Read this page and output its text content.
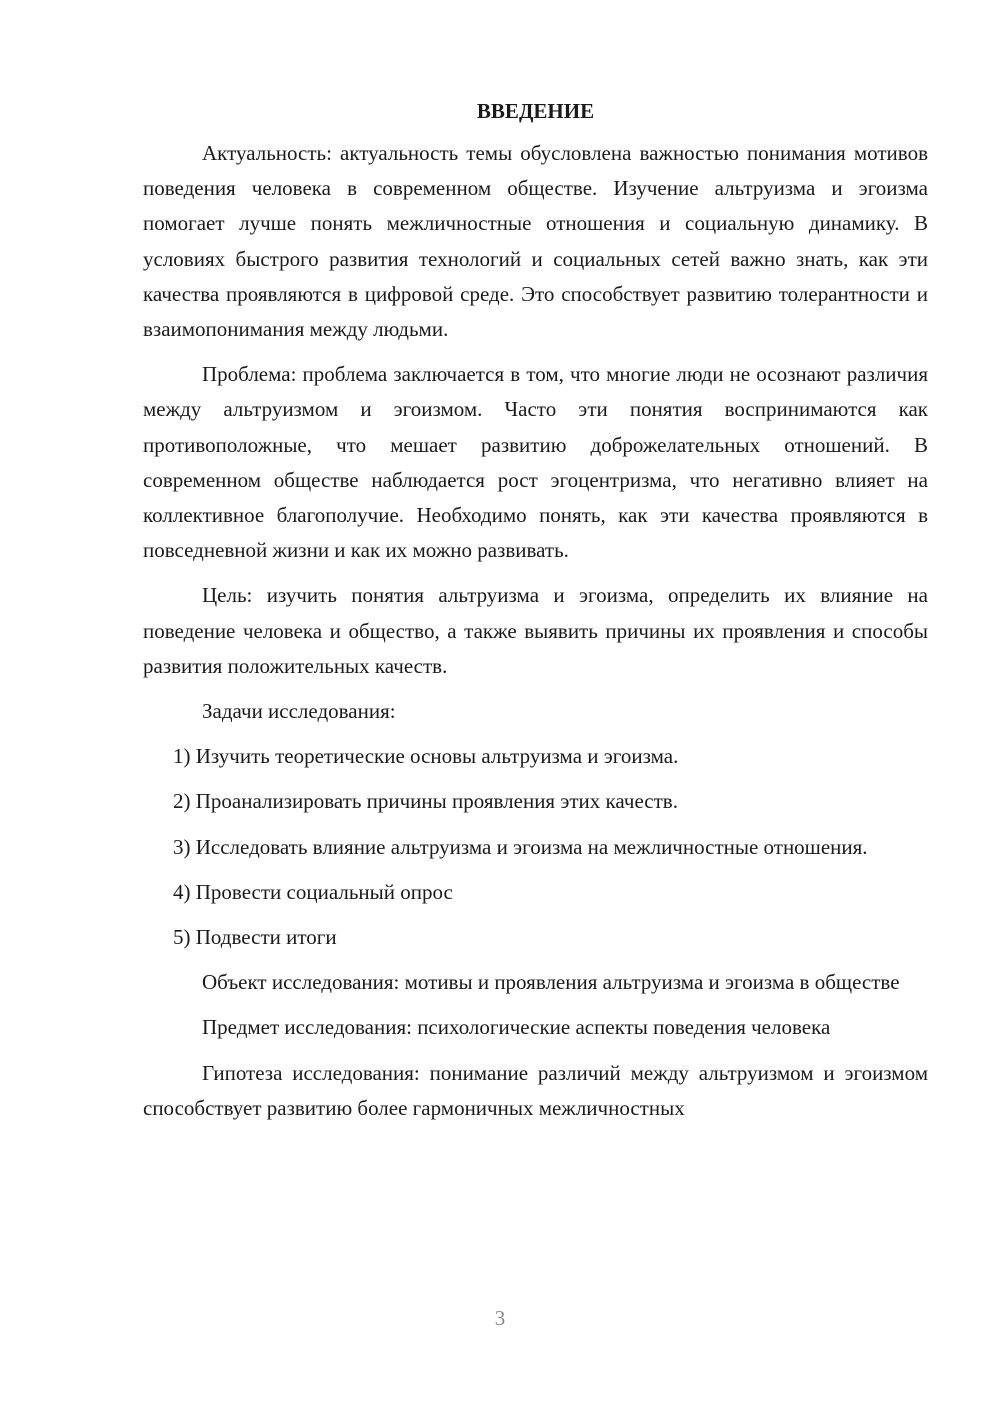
ВВЕДЕНИЕ

Актуальность: актуальность темы обусловлена важностью понимания мотивов поведения человека в современном обществе. Изучение альтруизма и эгоизма помогает лучше понять межличностные отношения и социальную динамику. В условиях быстрого развития технологий и социальных сетей важно знать, как эти качества проявляются в цифровой среде. Это способствует развитию толерантности и взаимопонимания между людьми.

Проблема: проблема заключается в том, что многие люди не осознают различия между альтруизмом и эгоизмом. Часто эти понятия воспринимаются как противоположные, что мешает развитию доброжелательных отношений. В современном обществе наблюдается рост эгоцентризма, что негативно влияет на коллективное благополучие. Необходимо понять, как эти качества проявляются в повседневной жизни и как их можно развивать.

Цель: изучить понятия альтруизма и эгоизма, определить их влияние на поведение человека и общество, а также выявить причины их проявления и способы развития положительных качеств.

Задачи исследования:

1) Изучить теоретические основы альтруизма и эгоизма.

2) Проанализировать причины проявления этих качеств.

3) Исследовать влияние альтруизма и эгоизма на межличностные отношения.

4) Провести социальный опрос

5) Подвести итоги

Объект исследования: мотивы и проявления альтруизма и эгоизма в обществе

Предмет исследования: психологические аспекты поведения человека

Гипотеза исследования: понимание различий между альтруизмом и эгоизмом способствует развитию более гармоничных межличностных

3
